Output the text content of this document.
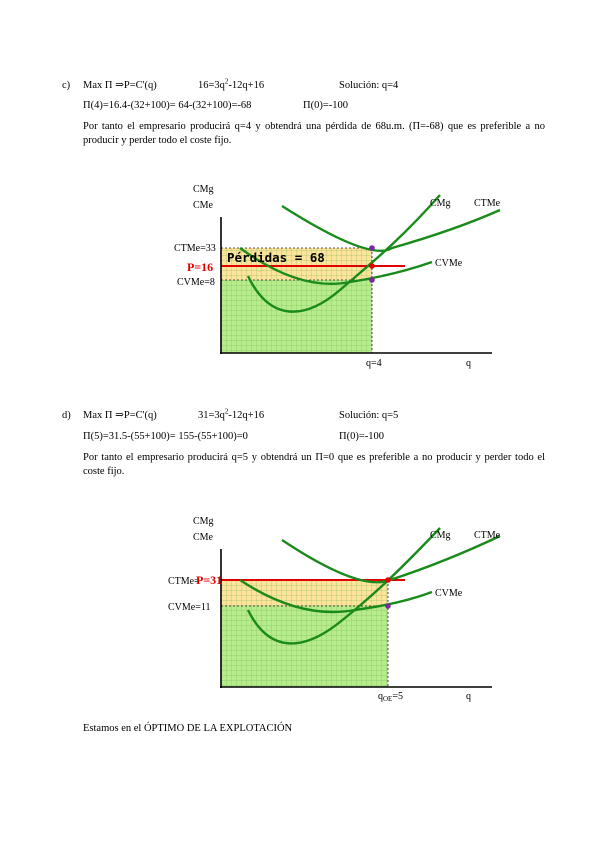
c) Max Π ⇒P=C'(q)	$16=3q^2-12q+16$	Solución: q=4
Π(4)=16.4-(32+100)= 64-(32+100)=-68	Π(0)=-100
Por tanto el empresario producirá q=4 y obtendrá una pérdida de 68u.m. (Π=-68) que es preferible a no producir y perder todo el coste fijo.
CMg
CMe
CTMe=33
P=16
CVMe=8
Pérdidas = 68
CMg CTMe
CVMe
q=4	q
d) Max Π ⇒P=C'(q)	$31=3q^2-12q+16$	Solución: q=5
Π(5)=31.5-(55+100)= 155-(55+100)=0	Π(0)=-100
Por tanto el empresario producirá q=5 y obtendrá un Π=0 que es preferible a no producir y perder todo el coste fijo.
CMg
CMe
CTMe=
P=31
CVMe=11
CMg CTMe
CVMe
$q_{OE}=5$	q
Estamos en el ÓPTIMO DE LA EXPLOTACIÓN
